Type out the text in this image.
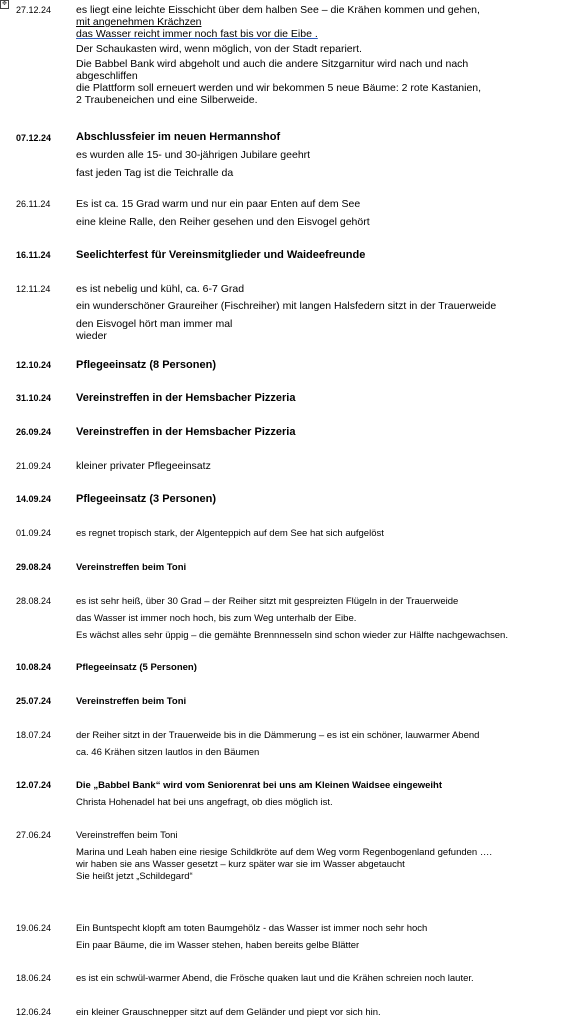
✥
27.12.24 es liegt eine leichte Eisschicht über dem halben See – die Krähen kommen und gehen,
mit angenehmen Krächzen
das Wasser reicht immer noch fast bis vor die Eibe .
Der Schaukasten wird, wenn möglich, von der Stadt repariert.
Die Babbel Bank wird abgeholt und auch die andere Sitzgarnitur wird nach und nach
abgeschliffen
die Plattform soll erneuert werden und wir bekommen 5 neue Bäume: 2 rote Kastanien,
2 Traubeneichen und eine Silberweide.
07.12.24 Abschlussfeier im neuen Hermannshof
es wurden alle 15- und 30-jährigen Jubilare geehrt
fast jeden Tag ist die Teichralle da
26.11.24 Es ist ca. 15 Grad warm und nur ein paar Enten auf dem See
eine kleine Ralle, den Reiher gesehen und den Eisvogel gehört
16.11.24 Seelichterfest für Vereinsmitglieder und Waideefreunde
12.11.24 es ist nebelig und kühl, ca. 6-7 Grad
ein wunderschöner Graureiher (Fischreiher) mit langen Halsfedern sitzt in der Trauerweide
den Eisvogel hört man immer mal
wieder
12.10.24 Pflegeeinsatz (8 Personen)
31.10.24 Vereinstreffen in der Hemsbacher Pizzeria
26.09.24 Vereinstreffen in der Hemsbacher Pizzeria
21.09.24 kleiner privater Pflegeeinsatz
14.09.24 Pflegeeinsatz (3 Personen)
01.09.24	es regnet tropisch stark, der Algenteppich auf dem See hat sich aufgelöst
29.08.24	Vereinstreffen beim Toni
28.08.24	es ist sehr heiß, über 30 Grad – der Reiher sitzt mit gespreizten Flügeln in der Trauerweide
das Wasser ist immer noch hoch, bis zum Weg unterhalb der Eibe.
Es wächst alles sehr üppig – die gemähte Brennnesseln sind schon wieder zur Hälfte nachgewachsen.
10.08.24	Pflegeeinsatz (5 Personen)
25.07.24	Vereinstreffen beim Toni
18.07.24	der Reiher sitzt in der Trauerweide bis in die Dämmerung – es ist ein schöner, lauwarmer Abend
ca. 46 Krähen sitzen lautlos in den Bäumen
12.07.24	Die „Babbel Bank“ wird vom Seniorenrat bei uns am Kleinen Waidsee eingeweiht
Christa Hohenadel hat bei uns angefragt, ob dies möglich ist.
27.06.24	Vereinstreffen beim Toni
Marina und Leah haben eine riesige Schildkröte auf dem Weg vorm Regenbogenland gefunden ….
wir haben sie ans Wasser gesetzt – kurz später war sie im Wasser abgetaucht
Sie heißt jetzt „Schildegard“
19.06.24	Ein Buntspecht klopft am toten Baumgehölz - das Wasser ist immer noch sehr hoch
Ein paar Bäume, die im Wasser stehen, haben bereits gelbe Blätter
18.06.24	es ist ein schwül-warmer Abend, die Frösche quaken laut und die Krähen schreien noch lauter.
12.06.24	ein kleiner Grauschnepper sitzt auf dem Geländer und piept vor sich hin.
